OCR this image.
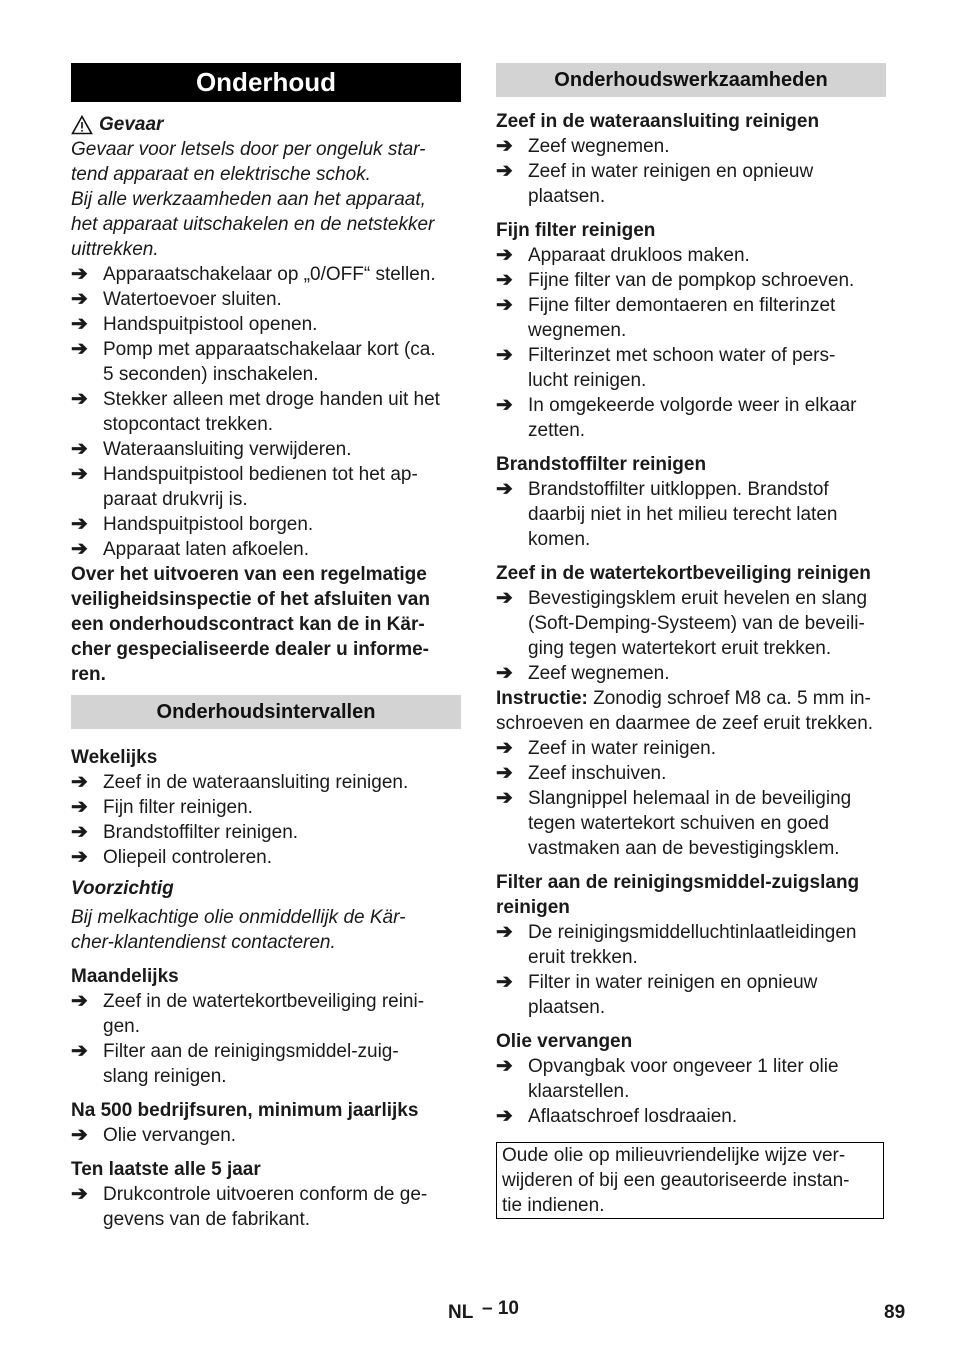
Onderhoud
Gevaar
Gevaar voor letsels door per ongeluk star-
tend apparaat en elektrische schok.
Bij alle werkzaamheden aan het apparaat,
het apparaat uitschakelen en de netstekker
uittrekken.
➔ Apparaatschakelaar op „0/OFF“ stellen.
➔ Watertoevoer sluiten.
➔ Handspuitpistool openen.
➔ Pomp met apparaatschakelaar kort (ca.
5 seconden) inschakelen.
➔ Stekker alleen met droge handen uit het
stopcontact trekken.
➔ Wateraansluiting verwijderen.
➔ Handspuitpistool bedienen tot het ap-
paraat drukvrij is.
➔ Handspuitpistool borgen.
➔ Apparaat laten afkoelen.
Over het uitvoeren van een regelmatige
veiligheidsinspectie of het afsluiten van
een onderhoudscontract kan de in Kär-
cher gespecialiseerde dealer u informe-
ren.
Onderhoudsintervallen
Wekelijks
➔ Zeef in de wateraansluiting reinigen.
➔ Fijn filter reinigen.
➔ Brandstoffilter reinigen.
➔ Oliepeil controleren.
Voorzichtig
Bij melkachtige olie onmiddellijk de Kär-
cher-klantendienst contacteren.
Maandelijks
➔ Zeef in de watertekortbeveiliging reini-
gen.
➔ Filter aan de reinigingsmiddel-zuig-
slang reinigen.
Na 500 bedrijfsuren, minimum jaarlijks
➔ Olie vervangen.
Ten laatste alle 5 jaar
➔ Drukcontrole uitvoeren conform de ge-
gevens van de fabrikant.
Onderhoudswerkzaamheden
Zeef in de wateraansluiting reinigen
➔ Zeef wegnemen.
➔ Zeef in water reinigen en opnieuw
plaatsen.
Fijn filter reinigen
➔ Apparaat drukloos maken.
➔ Fijne filter van de pompkop schroeven.
➔ Fijne filter demontaeren en filterinzet
wegnemen.
➔ Filterinzet met schoon water of pers-
lucht reinigen.
➔ In omgekeerde volgorde weer in elkaar
zetten.
Brandstoffilter reinigen
➔ Brandstoffilter uitkloppen. Brandstof
daarbij niet in het milieu terecht laten
komen.
Zeef in de watertekortbeveiliging reinigen
➔ Bevestigingsklem eruit hevelen en slang
(Soft-Demping-Systeem) van de beveili-
ging tegen watertekort eruit trekken.
➔ Zeef wegnemen.
Instructie: Zonodig schroef M8 ca. 5 mm in-
schroeven en daarmee de zeef eruit trekken.
➔ Zeef in water reinigen.
➔ Zeef inschuiven.
➔ Slangnippel helemaal in de beveiliging
tegen watertekort schuiven en goed
vastmaken aan de bevestigingsklem.
Filter aan de reinigingsmiddel-zuigslang
reinigen
➔ De reinigingsmiddelluchtinlaatleidingen
eruit trekken.
➔ Filter in water reinigen en opnieuw
plaatsen.
Olie vervangen
➔ Opvangbak voor ongeveer 1 liter olie
klaarstellen.
➔ Aflaatschroef losdraaien.
Oude olie op milieuvriendelijke wijze ver-
wijderen of bij een geautoriseerde instan-
tie indienen.
NL – 10	89
